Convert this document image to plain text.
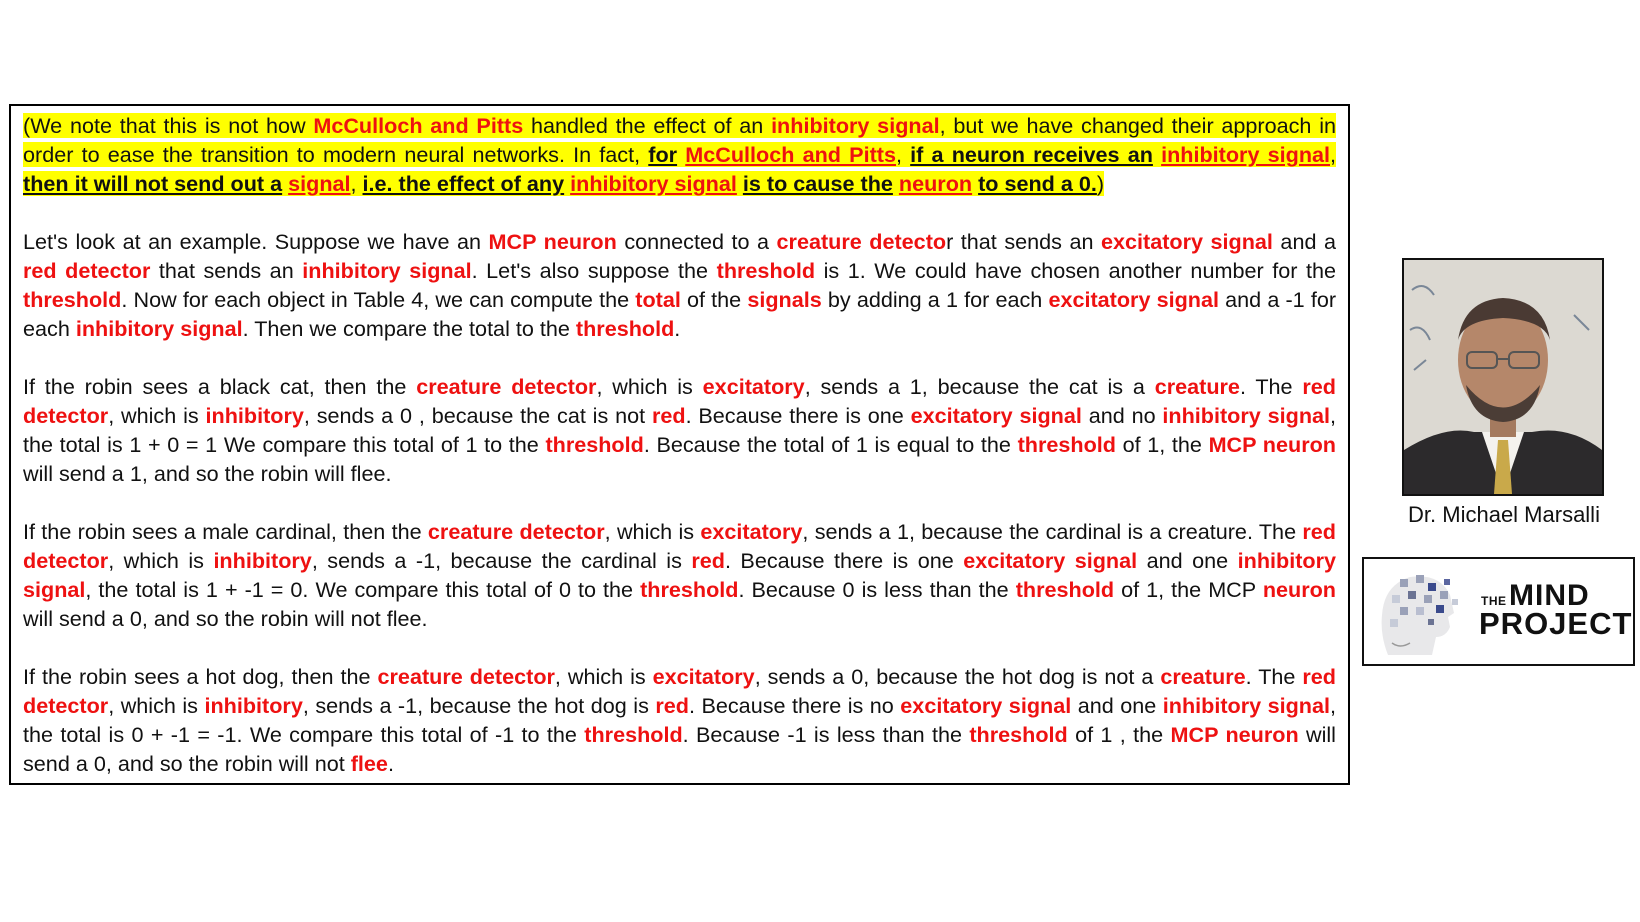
(We note that this is not how McCulloch and Pitts handled the effect of an inhibitory signal, but we have changed their approach in order to ease the transition to modern neural networks. In fact, for McCulloch and Pitts, if a neuron receives an inhibitory signal, then it will not send out a signal, i.e. the effect of any inhibitory signal is to cause the neuron to send a 0.)

Let's look at an example. Suppose we have an MCP neuron connected to a creature detector that sends an excitatory signal and a red detector that sends an inhibitory signal. Let's also suppose the threshold is 1. We could have chosen another number for the threshold. Now for each object in Table 4, we can compute the total of the signals by adding a 1 for each excitatory signal and a -1 for each inhibitory signal. Then we compare the total to the threshold.

If the robin sees a black cat, then the creature detector, which is excitatory, sends a 1, because the cat is a creature. The red detector, which is inhibitory, sends a 0 , because the cat is not red. Because there is one excitatory signal and no inhibitory signal, the total is 1 + 0 = 1 We compare this total of 1 to the threshold. Because the total of 1 is equal to the threshold of 1, the MCP neuron will send a 1, and so the robin will flee.

If the robin sees a male cardinal, then the creature detector, which is excitatory, sends a 1, because the cardinal is a creature. The red detector, which is inhibitory, sends a -1, because the cardinal is red. Because there is one excitatory signal and one inhibitory signal, the total is 1 + -1 = 0. We compare this total of 0 to the threshold. Because 0 is less than the threshold of 1, the MCP neuron will send a 0, and so the robin will not flee.

If the robin sees a hot dog, then the creature detector, which is excitatory, sends a 0, because the hot dog is not a creature. The red detector, which is inhibitory, sends a -1, because the hot dog is red. Because there is no excitatory signal and one inhibitory signal, the total is 0 + -1 = -1. We compare this total of -1 to the threshold. Because -1 is less than the threshold of 1 , the MCP neuron will send a 0, and so the robin will not flee.

Dr. Michael Marsalli
THE MIND
PROJECT
